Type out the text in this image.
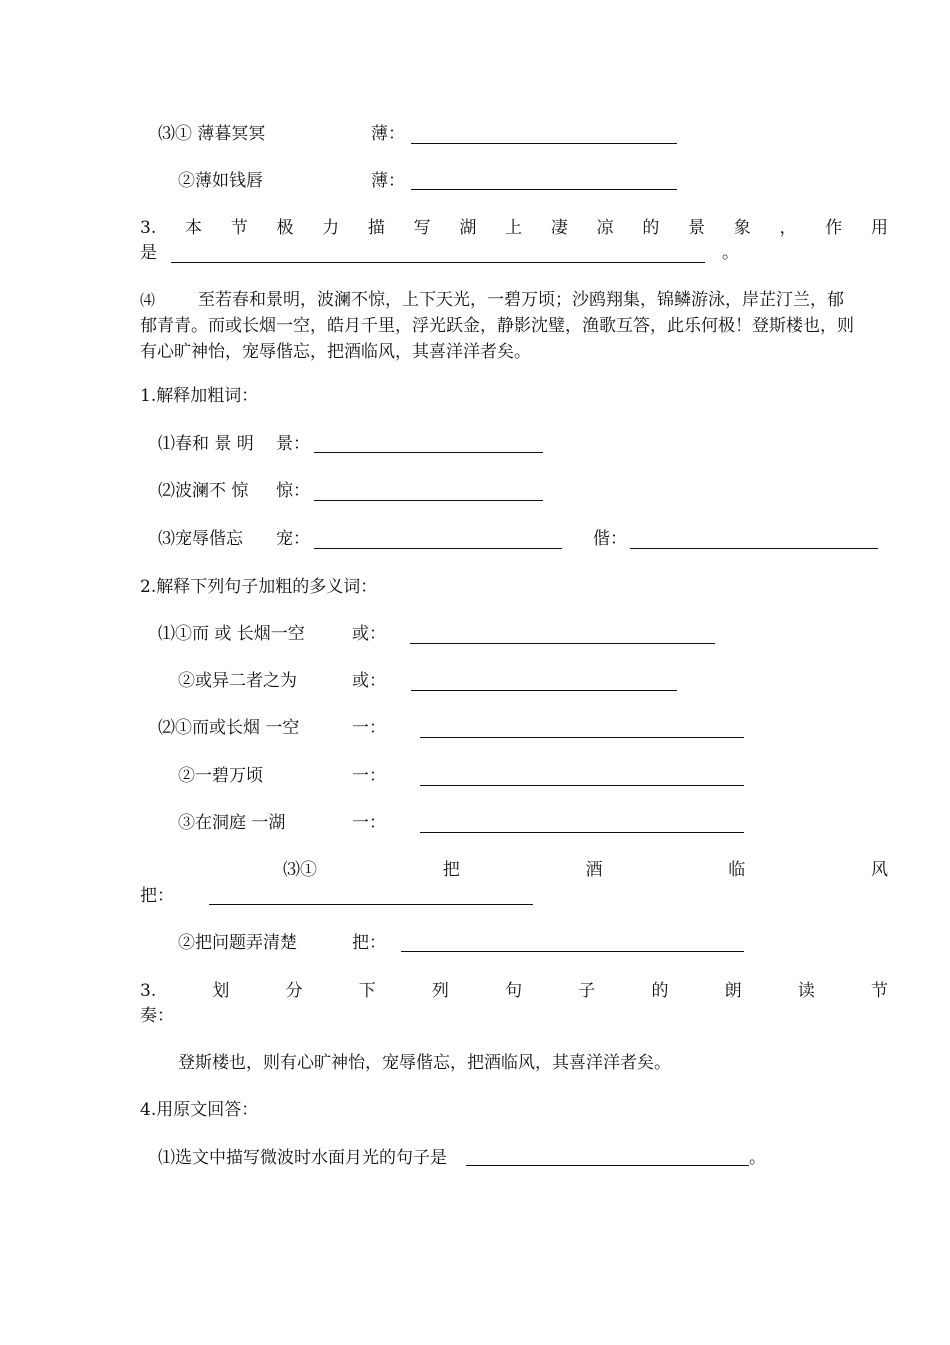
⑶① 薄暮冥冥	薄：
②薄如钱唇	薄：
3. 本 节 极 力 描 写 湖 上 凄 凉 的 景 象 ， 作 用
是	。
⑷	至若春和景明，波澜不惊，上下天光，一碧万顷；沙鸥翔集，锦鳞游泳，岸芷汀兰，郁郁青青。而或长烟一空，皓月千里，浮光跃金，静影沈璧，渔歌互答，此乐何极！登斯楼也，则有心旷神怡，宠辱偕忘，把酒临风，其喜洋洋者矣。
1.解释加粗词：
⑴春和 景 明 景：
⑵波澜不 惊 惊：
⑶宠辱偕忘 宠：	偕：
2.解释下列句子加粗的多义词：
⑴①而 或 长烟一空	或：
②或异二者之为	或：
⑵①而或长烟 一空	一：
②一碧万顷	一：
③在洞庭 一湖	一：
⑶①	把	酒	临	风
把：
②把问题弄清楚	把：
3.	划	分	下	列	句	子	的	朗	读	节
奏：
登斯楼也，则有心旷神怡，宠辱偕忘，把酒临风，其喜洋洋者矣。
4.用原文回答：
⑴选文中描写微波时水面月光的句子是	。
